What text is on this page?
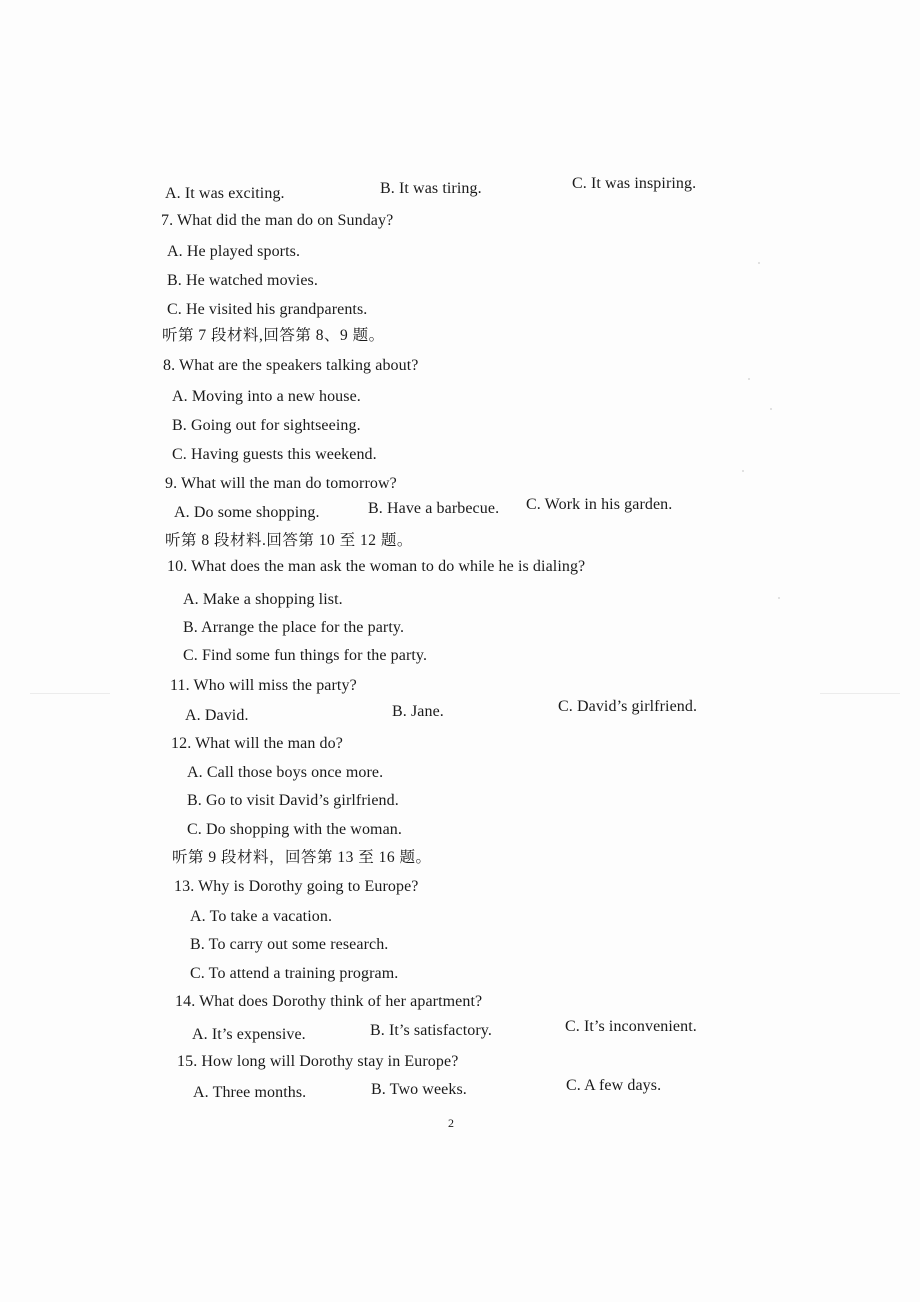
A. It was exciting.	B. It was tiring.	C. It was inspiring.
7. What did the man do on Sunday?
A. He played sports.
B. He watched movies.
C. He visited his grandparents.
听第 7 段材料,回答第 8、9 题。
8. What are the speakers talking about?
A. Moving into a new house.
B. Going out for sightseeing.
C. Having guests this weekend.
9. What will the man do tomorrow?
A. Do some shopping.	B. Have a barbecue. C. Work in his garden.
听第 8 段材料.回答第 10 至 12 题。
10. What does the man ask the woman to do while he is dialing?
A. Make a shopping list.
B. Arrange the place for the party.
C. Find some fun things for the party.
11. Who will miss the party?
A. David.	B. Jane.	C. David’s girlfriend.
12. What will the man do?
A. Call those boys once more.
B. Go to visit David’s girlfriend.
C. Do shopping with the woman.
听第 9 段材料，回答第 13 至 16 题。
13. Why is Dorothy going to Europe?
A. To take a vacation.
B. To carry out some research.
C. To attend a training program.
14. What does Dorothy think of her apartment?
A. It’s expensive.	B. It’s satisfactory.	C. It’s inconvenient.
15. How long will Dorothy stay in Europe?
A. Three months.	B. Two weeks.	C. A few days.
2
